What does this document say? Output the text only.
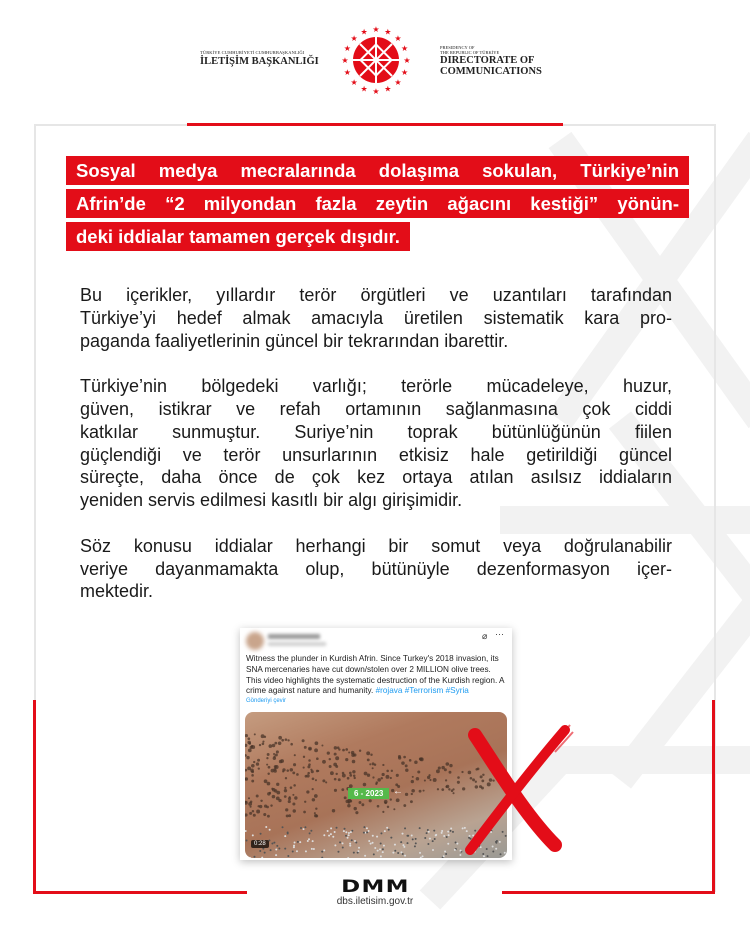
TÜRKİYE CUMHURİYETİ CUMHURBAŞKANLIĞI
İLETİŞİM BAŞKANLIĞI
★ ★
★
★
★
★
★
★
★
★
★
★
★
★
★
★
PRESIDENCY OF
THE REPUBLIC OF TÜRKİYE
DIRECTORATE OF
COMMUNICATIONS
Sosyal medya mecralarında dolaşıma sokulan, Türkiye’nin
Afrin’de “2 milyondan fazla zeytin ağacını kestiği” yönün-
deki iddialar tamamen gerçek dışıdır.
Bu içerikler, yıllardır terör örgütleri ve uzantıları tarafından
Türkiye’yi hedef almak amacıyla üretilen sistematik kara pro-
paganda faaliyetlerinin güncel bir tekrarından ibarettir.
Türkiye’nin bölgedeki varlığı; terörle mücadeleye, huzur,
güven, istikrar ve refah ortamının sağlanmasına çok ciddi
katkılar sunmuştur. Suriye’nin toprak bütünlüğünün fiilen
güçlendiği ve terör unsurlarının etkisiz hale getirildiği güncel
süreçte, daha önce de çok kez ortaya atılan asılsız iddiaların
yeniden servis edilmesi kasıtlı bir algı girişimidir.
Söz konusu iddialar herhangi bir somut veya doğrulanabilir
veriye dayanmamakta olup, bütünüyle dezenformasyon içer-
mektedir.
⌀ ···
Witness the plunder in Kurdish Afrin. Since Turkey's 2018 invasion, its SNA mercenaries have cut down/stolen over 2 MILLION olive trees. This video highlights the systematic destruction of the Kurdish region. A crime against nature and humanity. #rojava #Terrorism #Syria
Gönderiyi çevir
6 - 2023 ←
0:28
DMM
dbs.iletisim.gov.tr
